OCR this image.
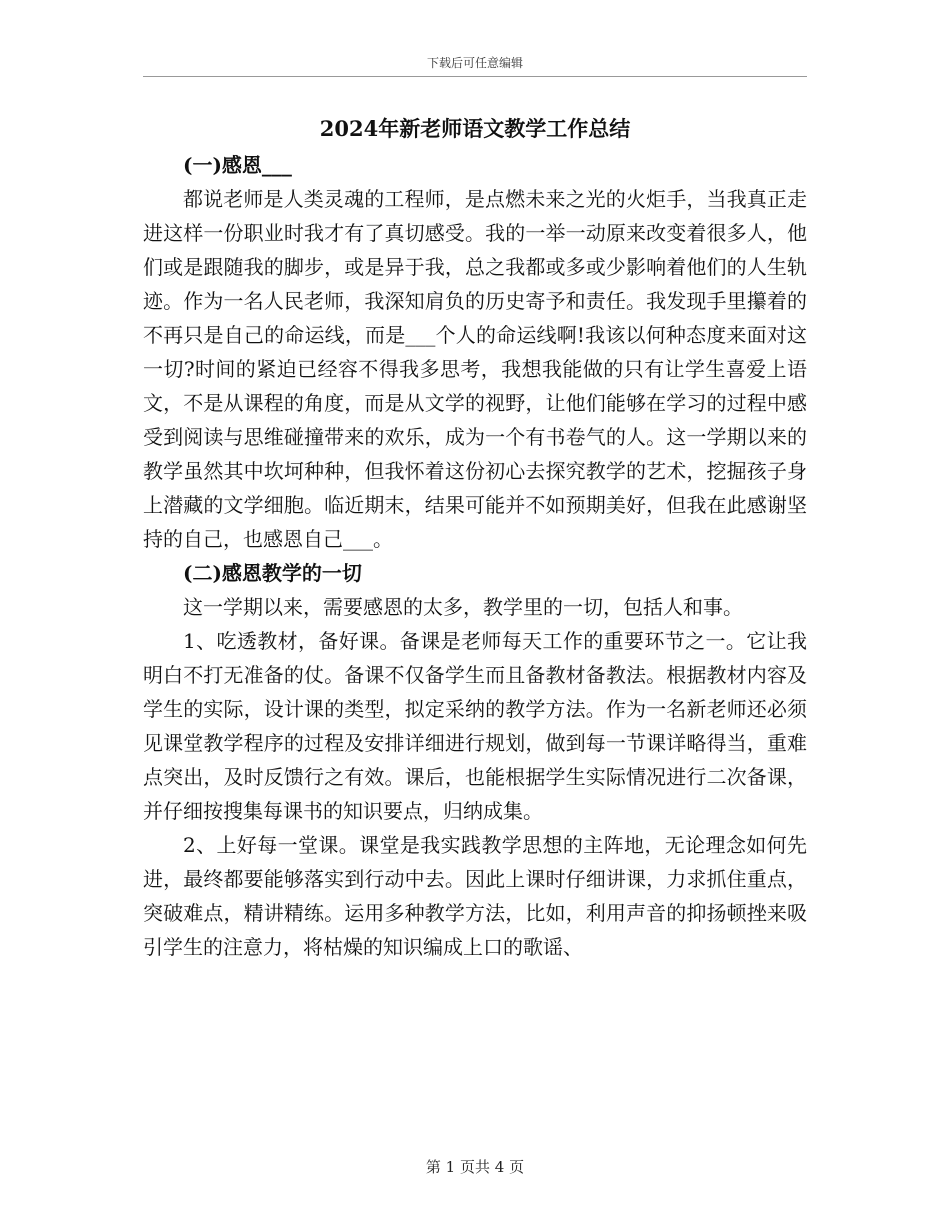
下载后可任意编辑
2024年新老师语文教学工作总结
(一)感恩___

都说老师是人类灵魂的工程师，是点燃未来之光的火炬手，当我真正走进这样一份职业时我才有了真切感受。我的一举一动原来改变着很多人，他们或是跟随我的脚步，或是异于我，总之我都或多或少影响着他们的人生轨迹。作为一名人民老师，我深知肩负的历史寄予和责任。我发现手里攥着的不再只是自己的命运线，而是___个人的命运线啊!我该以何种态度来面对这一切?时间的紧迫已经容不得我多思考，我想我能做的只有让学生喜爱上语文，不是从课程的角度，而是从文学的视野，让他们能够在学习的过程中感受到阅读与思维碰撞带来的欢乐，成为一个有书卷气的人。这一学期以来的教学虽然其中坎坷种种，但我怀着这份初心去探究教学的艺术，挖掘孩子身上潜藏的文学细胞。临近期末，结果可能并不如预期美好，但我在此感谢坚持的自己，也感恩自己___。

(二)感恩教学的一切

这一学期以来，需要感恩的太多，教学里的一切，包括人和事。

1、吃透教材，备好课。备课是老师每天工作的重要环节之一。它让我明白不打无准备的仗。备课不仅备学生而且备教材备教法。根据教材内容及学生的实际，设计课的类型，拟定采纳的教学方法。作为一名新老师还必须见课堂教学程序的过程及安排详细进行规划，做到每一节课详略得当，重难点突出，及时反馈行之有效。课后，也能根据学生实际情况进行二次备课，并仔细按搜集每课书的知识要点，归纳成集。

2、上好每一堂课。课堂是我实践教学思想的主阵地，无论理念如何先进，最终都要能够落实到行动中去。因此上课时仔细讲课，力求抓住重点，突破难点，精讲精练。运用多种教学方法，比如，利用声音的抑扬顿挫来吸引学生的注意力，将枯燥的知识编成上口的歌谣、

第 1 页共 4 页
